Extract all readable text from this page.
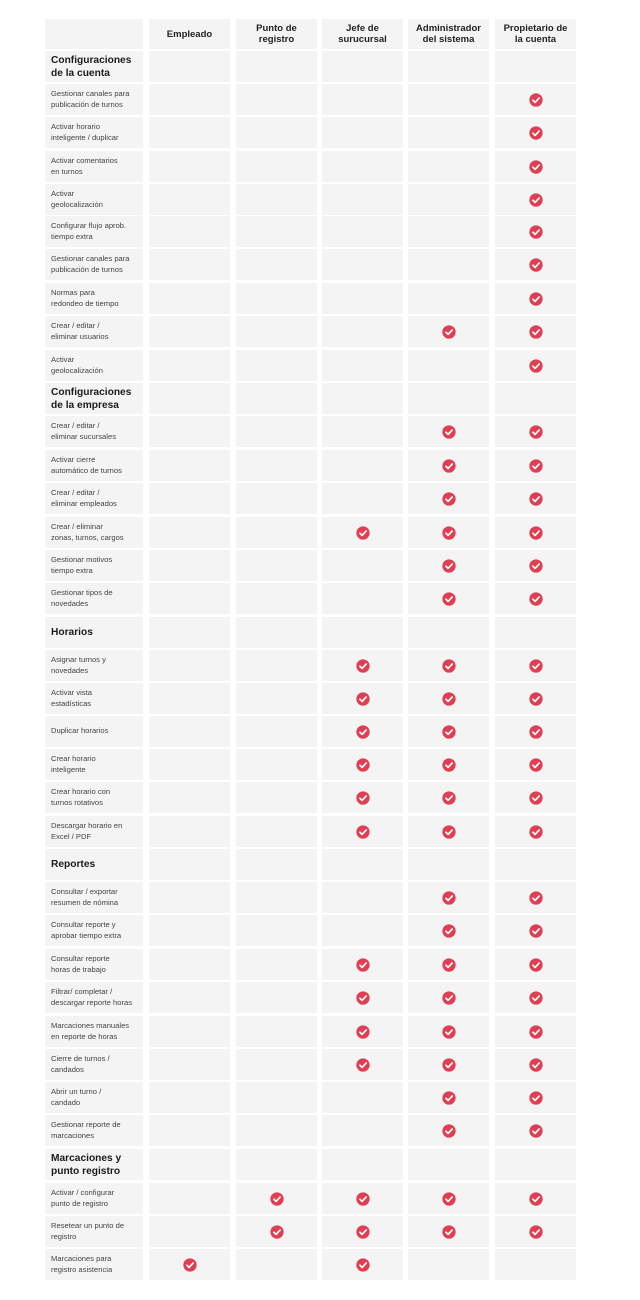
Empleado	Punto de
registro
Jefe de
surucursal
Administrador
del sistema
Propietario de
la cuenta
Configuraciones
de la cuenta
Gestionar canales para
publicación de turnos
Activar horario
inteligente / duplicar
Activar comentarios
en turnos
Activar
geolocalización
Configurar flujo aprob.
tiempo extra
Gestionar canales para
publicación de turnos
Normas para
redondeo de tiempo
Crear / editar /
eliminar usuarios
Activar
geolocalización
Configuraciones
de la empresa
Crear / editar /
eliminar sucursales
Activar cierre
automático de turnos
Crear / editar /
eliminar empleados
Crear / eliminar
zonas, turnos, cargos
Gestionar motivos
tiempo extra
Gestionar tipos de
novedades
Horarios
Asignar turnos y
novedades
Activar vista
estadísticas
Duplicar horarios
Crear horario
inteligente
Crear horario con
turnos rotativos
Descargar horario en
Excel / PDF
Reportes
Consultar / exportar
resumen de nómina
Consultar reporte y
aprobar tiempo extra
Consultar reporte
horas de trabajo
Filtrar/ completar /
descargar reporte horas
Marcaciones manuales
en reporte de horas
Cierre de turnos /
candados
Abrir un turno /
candado
Gestionar reporte de
marcaciones
Marcaciones y
punto registro
Activar / configurar
punto de registro
Resetear un punto de
registro
Marcaciones para
registro asistencia
